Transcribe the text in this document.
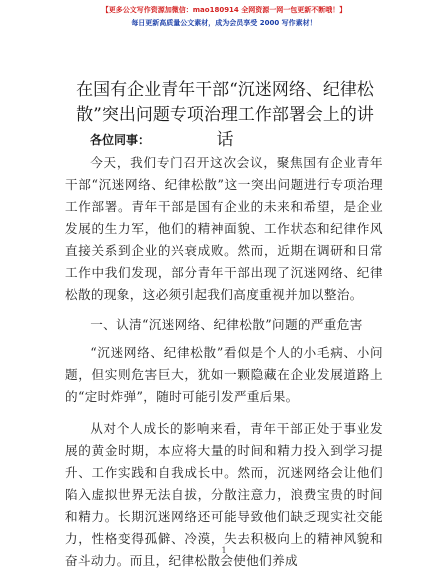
【更多公文写作资源加微信：mao180914 全网资源一网一包更新不断哦！】
每日更新高质量公文素材，成为会员享受 2000 写作素材！
在国有企业青年干部“沉迷网络、纪律松散”突出问题专项治理工作部署会上的讲话
各位同事：

今天，我们专门召开这次会议，聚焦国有企业青年干部“沉迷网络、纪律松散”这一突出问题进行专项治理工作部署。青年干部是国有企业的未来和希望，是企业发展的生力军，他们的精神面貌、工作状态和纪律作风直接关系到企业的兴衰成败。然而，近期在调研和日常工作中我们发现，部分青年干部出现了沉迷网络、纪律松散的现象，这必须引起我们高度重视并加以整治。

一、认清“沉迷网络、纪律松散”问题的严重危害

“沉迷网络、纪律松散”看似是个人的小毛病、小问题，但实则危害巨大，犹如一颗隐藏在企业发展道路上的“定时炸弹”，随时可能引发严重后果。

从对个人成长的影响来看，青年干部正处于事业发展的黄金时期，本应将大量的时间和精力投入到学习提升、工作实践和自我成长中。然而，沉迷网络会让他们陷入虚拟世界无法自拔，分散注意力，浪费宝贵的时间和精力。长期沉迷网络还可能导致他们缺乏现实社交能力，性格变得孤僻、冷漠，失去积极向上的精神风貌和奋斗动力。而且，纪律松散会使他们养成

1
